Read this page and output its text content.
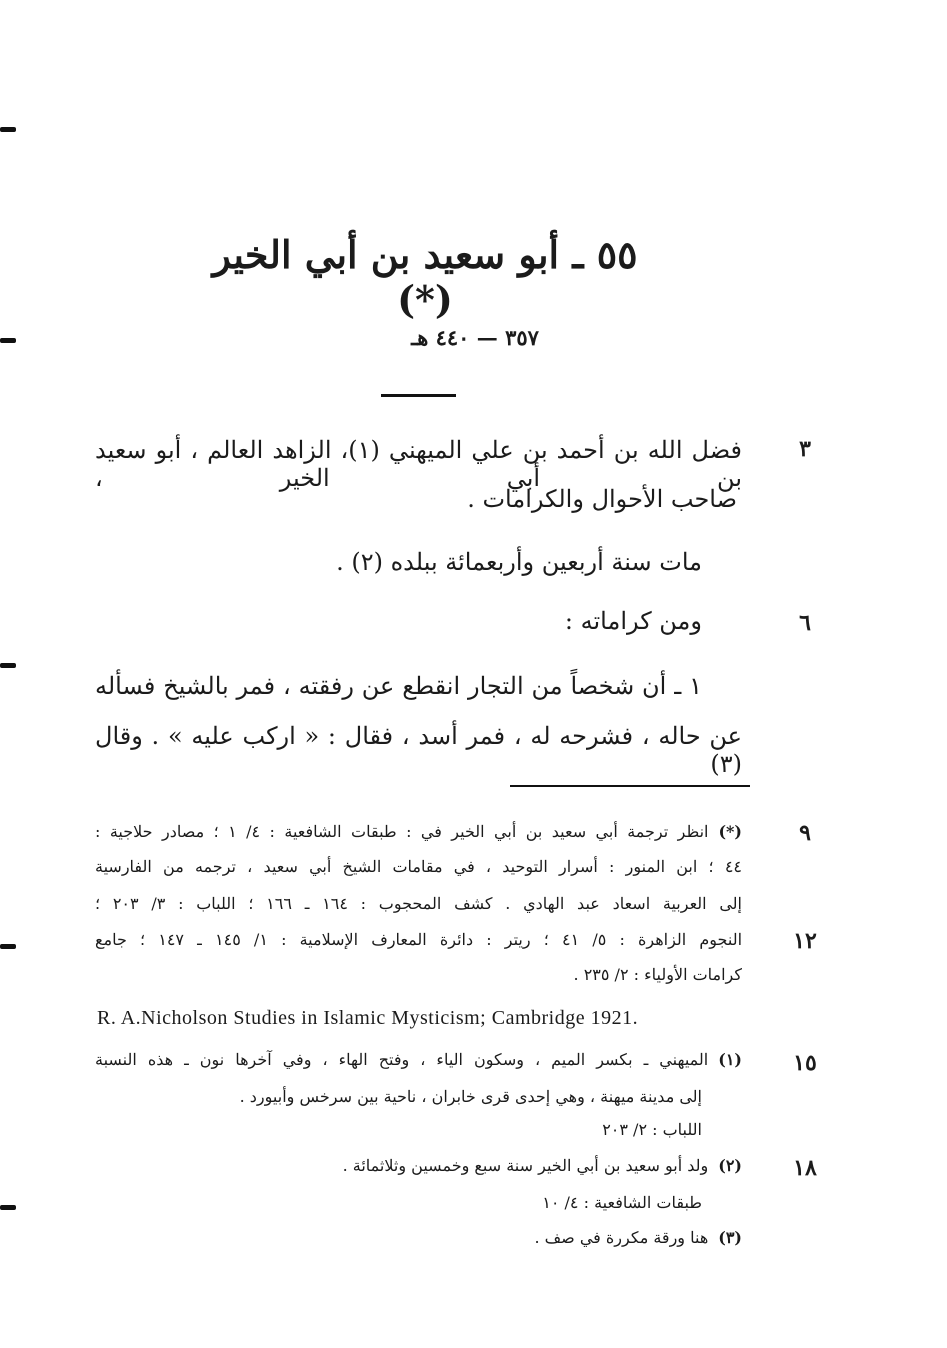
٥٥ ـ أبو سعيد بن أبي الخير (*)
٣٥٧ — ٤٤٠ هـ
٣
٦
٩
١٢
١٥
١٨
فضل الله بن أحمد بن علي الميهني (١)، الزاهد العالم ، أبو سعيد بن أبي الخير ،
صاحب الأحوال والكرامات .
مات سنة أربعين وأربعمائة ببلده (٢) .
ومن كراماته :
١ ـ أن شخصاً من التجار انقطع عن رفقته ، فمر بالشيخ فسأله
عن حاله ، فشرحه له ، فمر أسد ، فقال : « اركب عليه » . وقال (٣)
(*)انظر ترجمة أبي سعيد بن أبي الخير في : طبقات الشافعية : ٤/ ١ ؛ مصادر حلاجية :
٤٤ ؛ ابن المنور : أسرار التوحيد ، في مقامات الشيخ أبي سعيد ، ترجمه من الفارسية
إلى العربية اسعاد عبد الهادي . كشف المحجوب : ١٦٤ ـ ١٦٦ ؛ اللباب : ٣/ ٢٠٣ ؛
النجوم الزاهرة : ٥/ ٤١ ؛ ريتر : دائرة المعارف الإسلامية : ١/ ١٤٥ ـ ١٤٧ ؛ جامع
كرامات الأولياء : ٢/ ٢٣٥ .
R. A.Nicholson Studies in Islamic Mysticism; Cambridge 1921.
(١)الميهني ـ بكسر الميم ، وسكون الياء ، وفتح الهاء ، وفي آخرها نون ـ هذه النسبة
إلى مدينة ميهنة ، وهي إحدى قرى خابران ، ناحية بين سرخس وأبيورد .
اللباب : ٢/ ٢٠٣
(٢)ولد أبو سعيد بن أبي الخير سنة سبع وخمسين وثلاثمائة .
طبقات الشافعية : ٤/ ١٠
(٣)هنا ورقة مكررة في صف .
